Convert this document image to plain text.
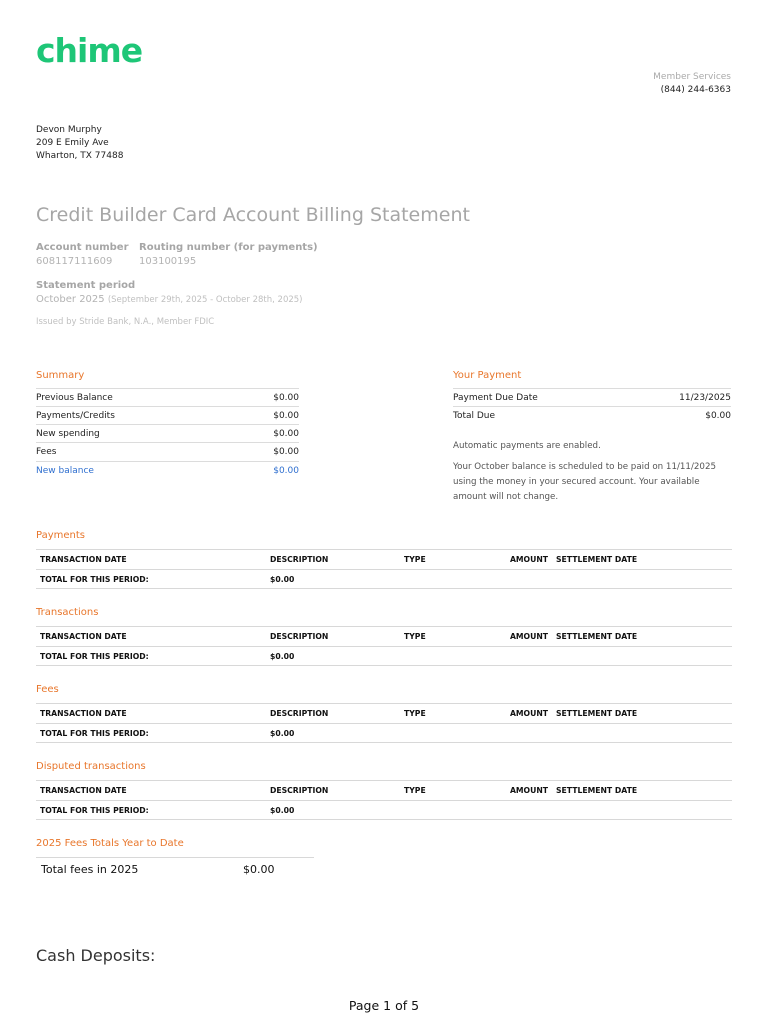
chime
Member Services
(844) 244-6363
Devon Murphy
209 E Emily Ave
Wharton, TX 77488
Credit Builder Card Account Billing Statement
Account number
608117111609
Routing number (for payments)
103100195
Statement period
October 2025 (September 29th, 2025 - October 28th, 2025)
Issued by Stride Bank, N.A., Member FDIC
Summary
Previous Balance	$0.00
Payments/Credits	$0.00
New spending	$0.00
Fees	$0.00
New balance	$0.00
Your Payment
Payment Due Date	11/23/2025
Total Due	$0.00
Automatic payments are enabled.
Your October balance is scheduled to be paid on 11/11/2025 using the money in your secured account. Your available amount will not change.
Payments
TRANSACTION DATE	DESCRIPTION	TYPE	AMOUNT SETTLEMENT DATE
TOTAL FOR THIS PERIOD:	$0.00
Transactions
TRANSACTION DATE	DESCRIPTION	TYPE	AMOUNT SETTLEMENT DATE
TOTAL FOR THIS PERIOD:	$0.00
Fees
TRANSACTION DATE	DESCRIPTION	TYPE	AMOUNT SETTLEMENT DATE
TOTAL FOR THIS PERIOD:	$0.00
Disputed transactions
TRANSACTION DATE	DESCRIPTION	TYPE	AMOUNT SETTLEMENT DATE
TOTAL FOR THIS PERIOD:	$0.00
2025 Fees Totals Year to Date
Total fees in 2025	$0.00
Cash Deposits:
Page 1 of 5
